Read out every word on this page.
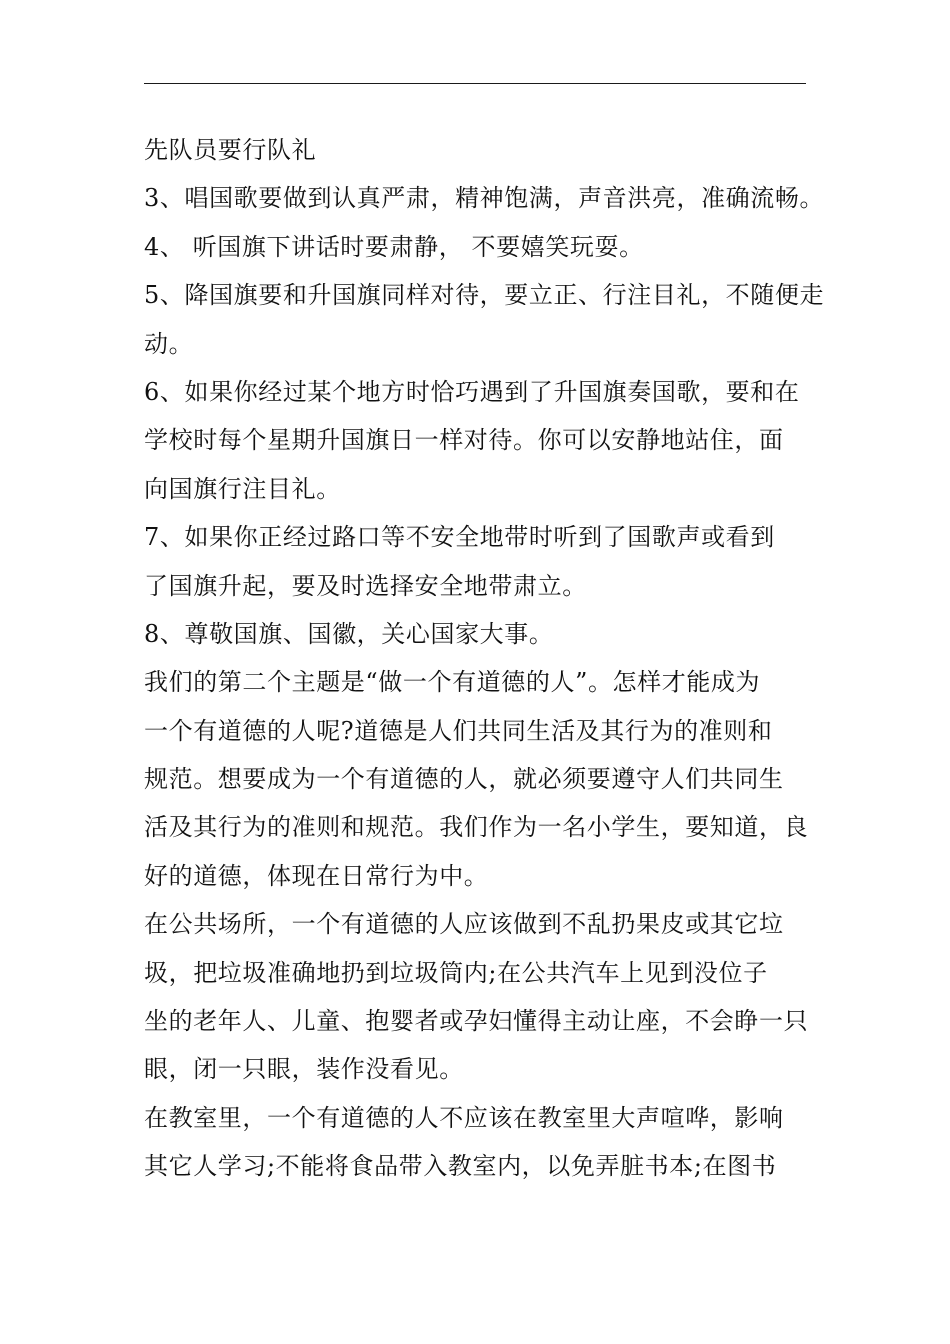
先队员要行队礼
3、唱国歌要做到认真严肃，精神饱满，声音洪亮，准确流畅。
4、 听国旗下讲话时要肃静， 不要嬉笑玩耍。
5、降国旗要和升国旗同样对待，要立正、行注目礼，不随便走
动。
6、如果你经过某个地方时恰巧遇到了升国旗奏国歌，要和在
学校时每个星期升国旗日一样对待。你可以安静地站住，面
向国旗行注目礼。
7、如果你正经过路口等不安全地带时听到了国歌声或看到
了国旗升起，要及时选择安全地带肃立。
8、尊敬国旗、国徽，关心国家大事。
我们的第二个主题是“做一个有道德的人”。怎样才能成为
一个有道德的人呢?道德是人们共同生活及其行为的准则和
规范。想要成为一个有道德的人，就必须要遵守人们共同生
活及其行为的准则和规范。我们作为一名小学生，要知道，良
好的道德，体现在日常行为中。
在公共场所，一个有道德的人应该做到不乱扔果皮或其它垃
圾，把垃圾准确地扔到垃圾筒内;在公共汽车上见到没位子
坐的老年人、儿童、抱婴者或孕妇懂得主动让座，不会睁一只
眼，闭一只眼，装作没看见。
在教室里，一个有道德的人不应该在教室里大声喧哗，影响
其它人学习;不能将食品带入教室内，以免弄脏书本;在图书
